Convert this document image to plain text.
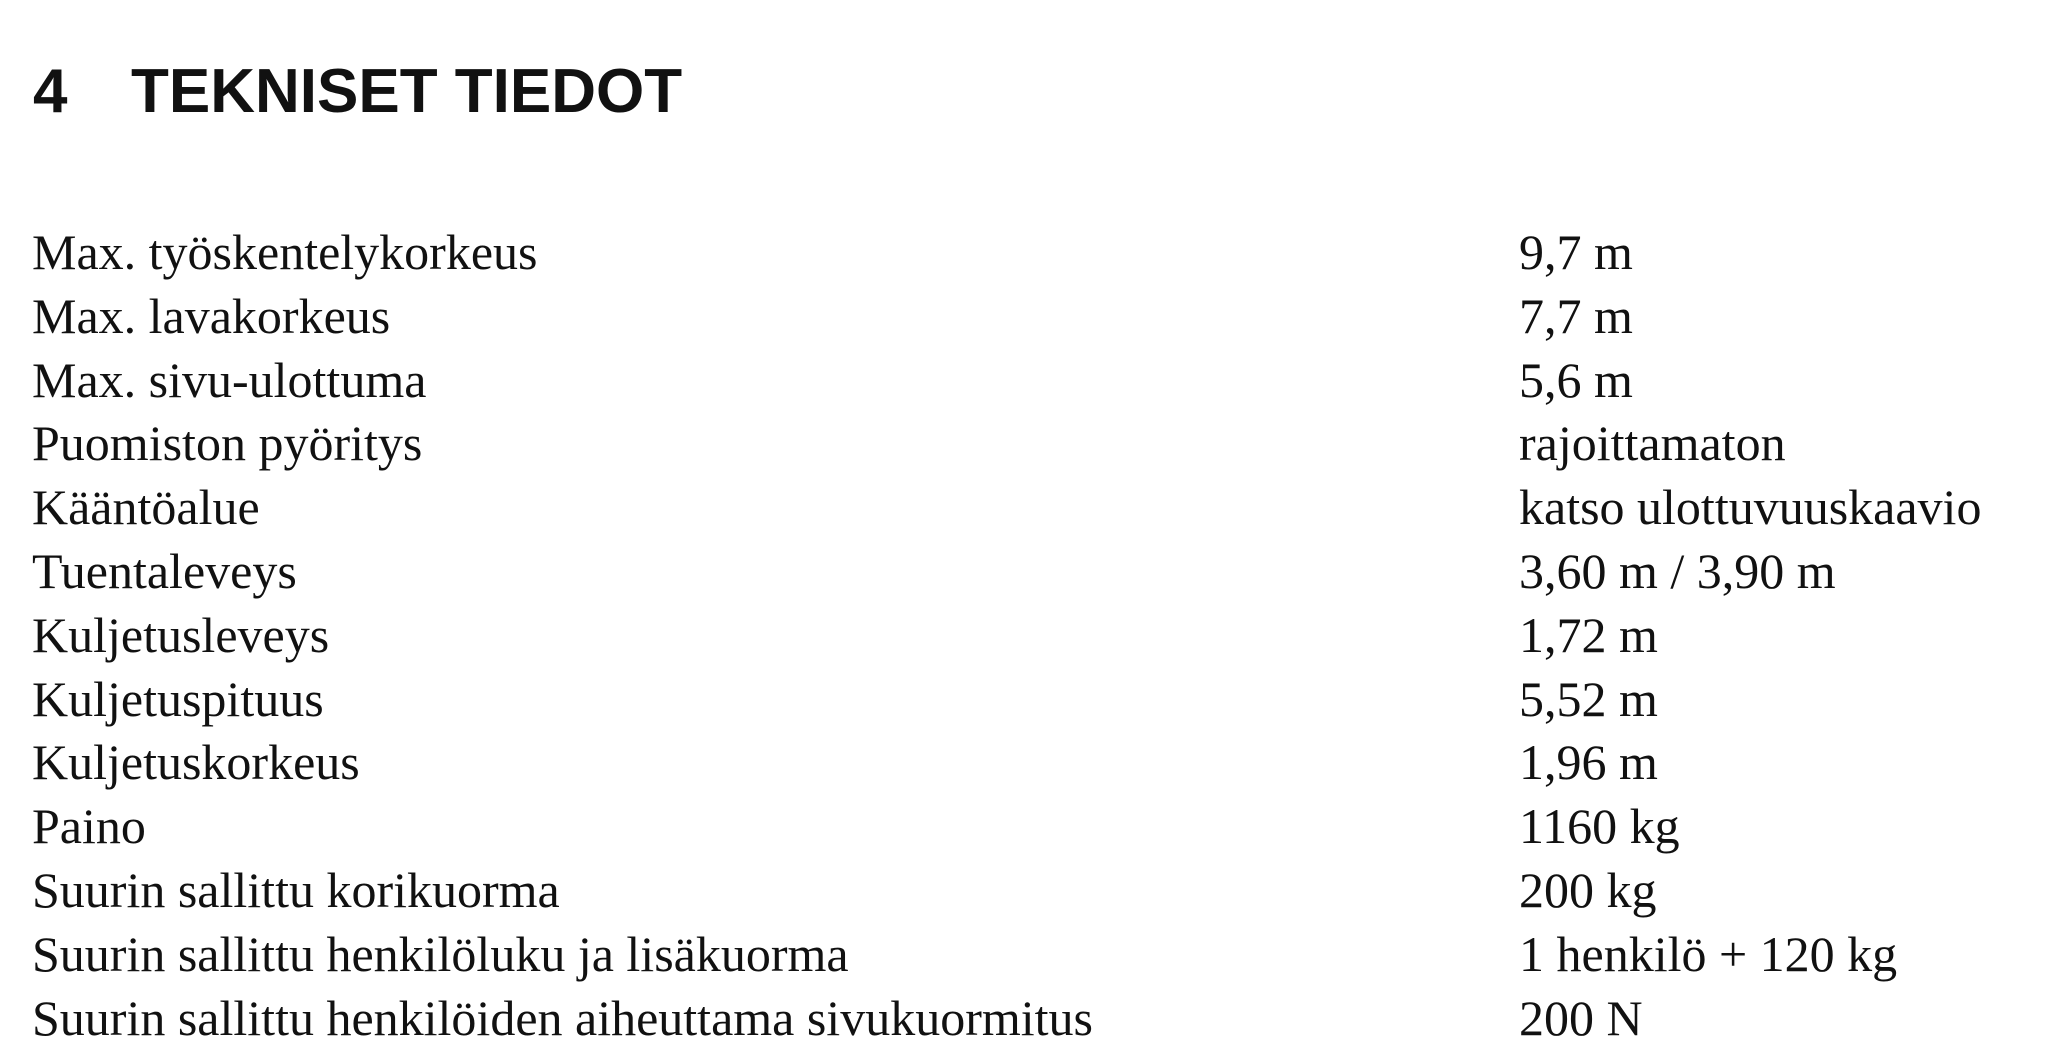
4 TEKNISET TIEDOT
Max. työskentelykorkeus	9,7 m
Max. lavakorkeus	7,7 m
Max. sivu-ulottuma	5,6 m
Puomiston pyöritys	rajoittamaton
Kääntöalue	katso ulottuvuuskaavio
Tuentaleveys	3,60 m / 3,90 m
Kuljetusleveys	1,72 m
Kuljetuspituus	5,52 m
Kuljetuskorkeus	1,96 m
Paino	1160 kg
Suurin sallittu korikuorma	200 kg
Suurin sallittu henkilöluku ja lisäkuorma	1 henkilö + 120 kg
Suurin sallittu henkilöiden aiheuttama sivukuormitus	200 N
